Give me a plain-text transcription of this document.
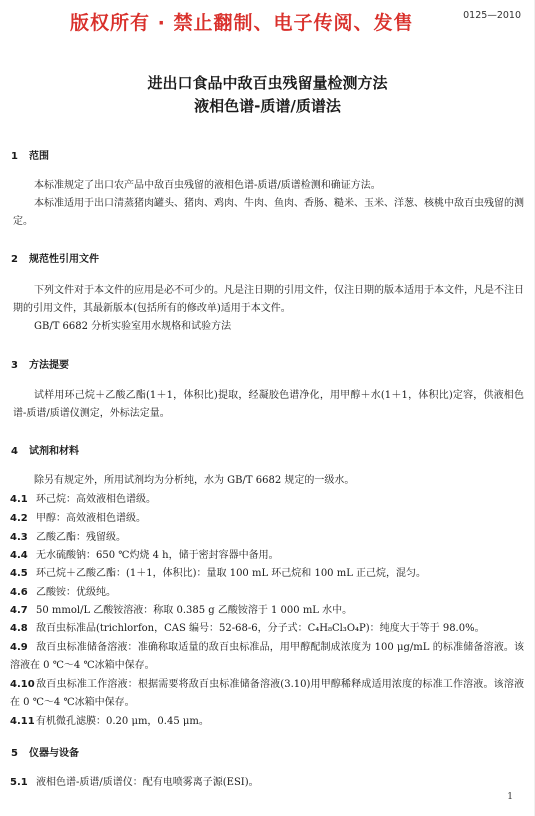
版权所有 · 禁止翻制、电子传阅、发售	0125—2010
进出口食品中敌百虫残留量检测方法
液相色谱-质谱/质谱法
1 范围
本标准规定了出口农产品中敌百虫残留的液相色谱-质谱/质谱检测和确证方法。
本标准适用于出口清蒸猪肉罐头、猪肉、鸡肉、牛肉、鱼肉、香肠、糙米、玉米、洋葱、核桃中敌百虫残留的测定。
2 规范性引用文件
下列文件对于本文件的应用是必不可少的。凡是注日期的引用文件，仅注日期的版本适用于本文件，凡是不注日期的引用文件，其最新版本(包括所有的修改单)适用于本文件。
GB/T 6682 分析实验室用水规格和试验方法
3 方法提要
试样用环己烷＋乙酸乙酯(1＋1，体积比)提取，经凝胶色谱净化，用甲醇＋水(1＋1，体积比)定容，供液相色谱-质谱/质谱仪测定，外标法定量。
4 试剂和材料
除另有规定外，所用试剂均为分析纯，水为 GB/T 6682 规定的一级水。
4.1 环己烷：高效液相色谱级。
4.2 甲醇：高效液相色谱级。
4.3 乙酸乙酯：残留级。
4.4 无水硫酸钠：650 ℃灼烧 4 h，储于密封容器中备用。
4.5 环己烷＋乙酸乙酯：(1＋1，体积比)：量取 100 mL 环己烷和 100 mL 正己烷，混匀。
4.6 乙酸铵：优级纯。
4.7 50 mmol/L 乙酸铵溶液：称取 0.385 g 乙酸铵溶于 1 000 mL 水中。
4.8 敌百虫标准品(trichlorfon，CAS 编号：52-68-6，分子式：C₄H₈Cl₃O₄P)：纯度大于等于 98.0%。
4.9 敌百虫标准储备溶液：准确称取适量的敌百虫标准品，用甲醇配制成浓度为 100 μg/mL 的标准储备溶液。该溶液在 0 ℃～4 ℃冰箱中保存。
4.10敌百虫标准工作溶液：根据需要将敌百虫标准储备溶液(3.10)用甲醇稀释成适用浓度的标准工作溶液。该溶液在 0 ℃～4 ℃冰箱中保存。
4.11有机微孔滤膜：0.20 μm，0.45 μm。
5 仪器与设备
5.1 液相色谱-质谱/质谱仪：配有电喷雾离子源(ESI)。
1
